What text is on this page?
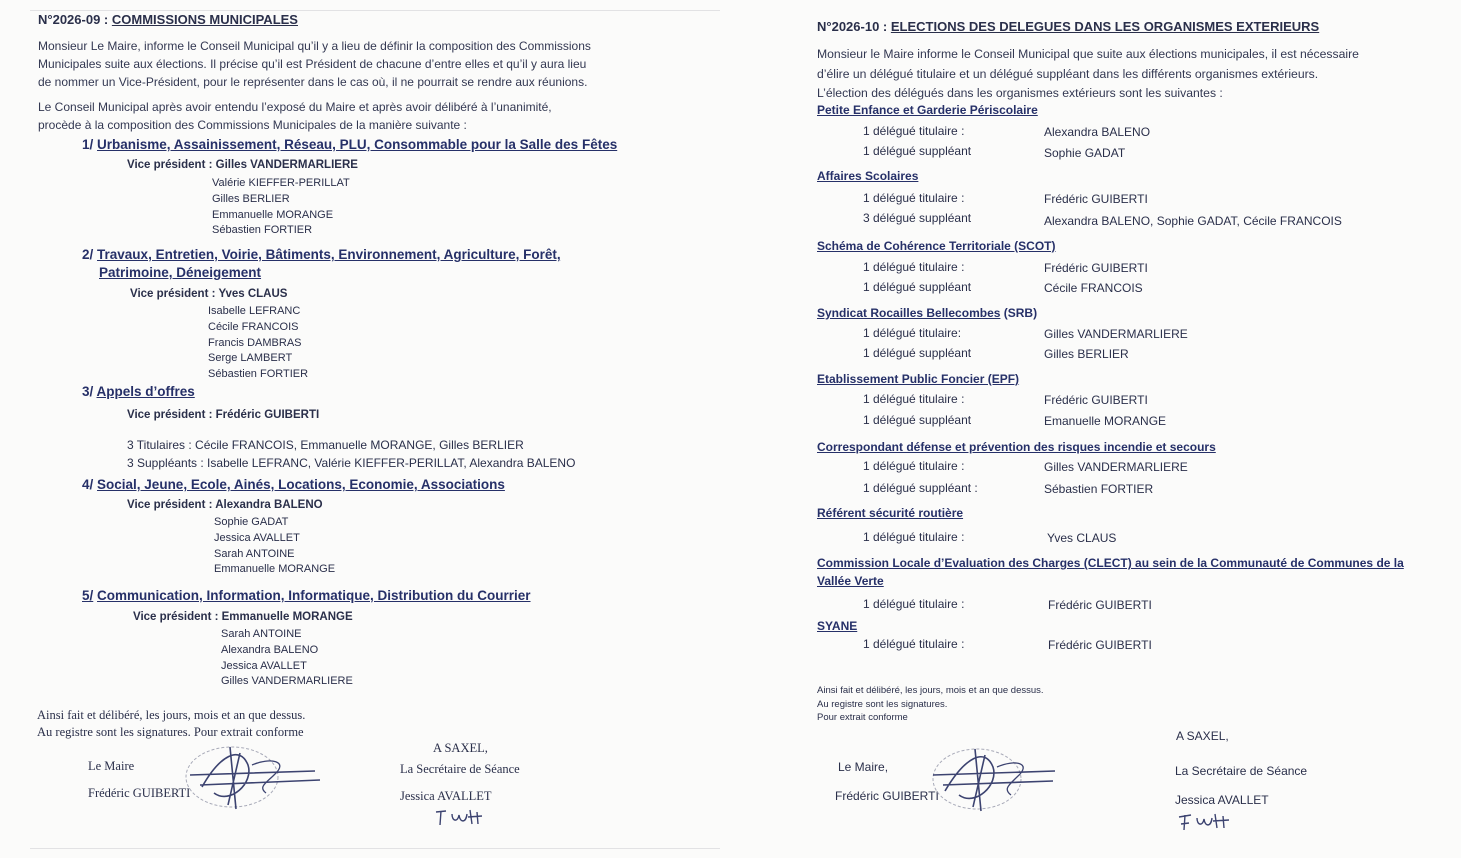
N°2026-09 : COMMISSIONS MUNICIPALES
Monsieur Le Maire, informe le Conseil Municipal qu’il y a lieu de définir la composition des Commissions
Municipales suite aux élections. Il précise qu’il est Président de chacune d’entre elles et qu’il y aura lieu
de nommer un Vice-Président, pour le représenter dans le cas où, il ne pourrait se rendre aux réunions.
Le Conseil Municipal après avoir entendu l’exposé du Maire et après avoir délibéré à l’unanimité,
procède à la composition des Commissions Municipales de la manière suivante :
1/ Urbanisme, Assainissement, Réseau, PLU, Consommable pour la Salle des Fêtes
Vice président : Gilles VANDERMARLIERE
Valérie KIEFFER-PERILLAT
Gilles BERLIER
Emmanuelle MORANGE
Sébastien FORTIER
2/ Travaux, Entretien, Voirie, Bâtiments, Environnement, Agriculture, Forêt,
Patrimoine, Déneigement
Vice président : Yves CLAUS
Isabelle LEFRANC
Cécile FRANCOIS
Francis DAMBRAS
Serge LAMBERT
Sébastien FORTIER
3/ Appels d’offres
Vice président : Frédéric GUIBERTI
3 Titulaires : Cécile FRANCOIS, Emmanuelle MORANGE, Gilles BERLIER
3 Suppléants : Isabelle LEFRANC, Valérie KIEFFER-PERILLAT, Alexandra BALENO
4/ Social, Jeune, Ecole, Ainés, Locations, Economie, Associations
Vice président : Alexandra BALENO
Sophie GADAT
Jessica AVALLET
Sarah ANTOINE
Emmanuelle MORANGE
5/ Communication, Information, Informatique, Distribution du Courrier
Vice président : Emmanuelle MORANGE
Sarah ANTOINE
Alexandra BALENO
Jessica AVALLET
Gilles VANDERMARLIERE
Ainsi fait et délibéré, les jours, mois et an que dessus.
Au registre sont les signatures. Pour extrait conforme
Le Maire
Frédéric GUIBERTI
A SAXEL,
La Secrétaire de Séance
Jessica AVALLET
N°2026-10 : ELECTIONS DES DELEGUES DANS LES ORGANISMES EXTERIEURS
Monsieur le Maire informe le Conseil Municipal que suite aux élections municipales, il est nécessaire
d’élire un délégué titulaire et un délégué suppléant dans les différents organismes extérieurs.
L’élection des délégués dans les organismes extérieurs sont les suivantes :
Petite Enfance et Garderie Périscolaire
1 délégué titulaire :	Alexandra BALENO
1 délégué suppléant	Sophie GADAT
Affaires Scolaires
1 délégué titulaire :	Frédéric GUIBERTI
3 délégué suppléant	Alexandra BALENO, Sophie GADAT, Cécile FRANCOIS
Schéma de Cohérence Territoriale (SCOT)
1 délégué titulaire :	Frédéric GUIBERTI
1 délégué suppléant	Cécile FRANCOIS
Syndicat Rocailles Bellecombes (SRB)
1 délégué titulaire:	Gilles VANDERMARLIERE
1 délégué suppléant	Gilles BERLIER
Etablissement Public Foncier (EPF)
1 délégué titulaire :	Frédéric GUIBERTI
1 délégué suppléant	Emanuelle MORANGE
Correspondant défense et prévention des risques incendie et secours
1 délégué titulaire :	Gilles VANDERMARLIERE
1 délégué suppléant :	Sébastien FORTIER
Référent sécurité routière
1 délégué titulaire :	Yves CLAUS
Commission Locale d’Evaluation des Charges (CLECT) au sein de la Communauté de Communes de la
Vallée Verte
1 délégué titulaire :	Frédéric GUIBERTI
SYANE
1 délégué titulaire :	Frédéric GUIBERTI
Ainsi fait et délibéré, les jours, mois et an que dessus.
Au registre sont les signatures.
Pour extrait conforme
A SAXEL,
Le Maire,
Frédéric GUIBERTI
La Secrétaire de Séance
Jessica AVALLET
